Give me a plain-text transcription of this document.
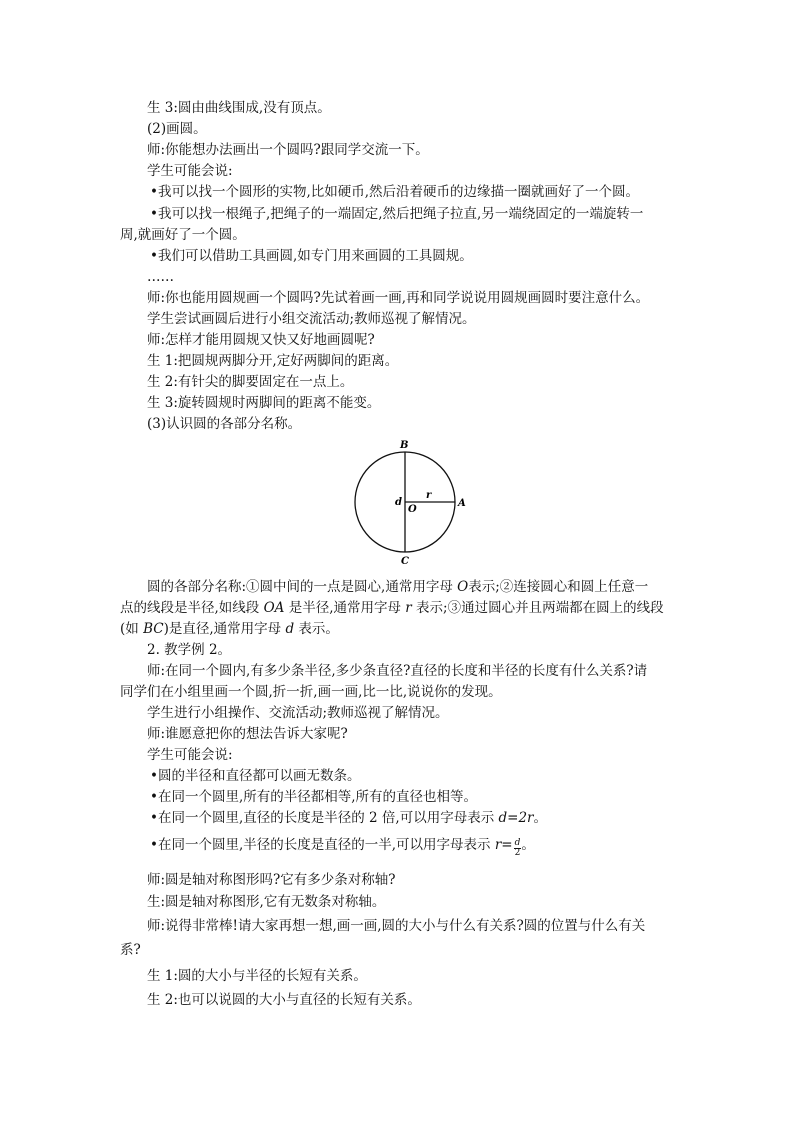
生 3:圆由曲线围成,没有顶点。
(2)画圆。
师:你能想办法画出一个圆吗?跟同学交流一下。
学生可能会说:
•我可以找一个圆形的实物,比如硬币,然后沿着硬币的边缘描一圈就画好了一个圆。
•我可以找一根绳子,把绳子的一端固定,然后把绳子拉直,另一端绕固定的一端旋转一
周,就画好了一个圆。
•我们可以借助工具画圆,如专门用来画圆的工具圆规。
……
师:你也能用圆规画一个圆吗?先试着画一画,再和同学说说用圆规画圆时要注意什么。
学生尝试画圆后进行小组交流活动;教师巡视了解情况。
师:怎样才能用圆规又快又好地画圆呢?
生 1:把圆规两脚分开,定好两脚间的距离。
生 2:有针尖的脚要固定在一点上。
生 3:旋转圆规时两脚间的距离不能变。
(3)认识圆的各部分名称。
B
C
A
O
r
d
圆的各部分名称:①圆中间的一点是圆心,通常用字母 O表示;②连接圆心和圆上任意一
点的线段是半径,如线段 OA 是半径,通常用字母 r 表示;③通过圆心并且两端都在圆上的线段
(如 BC)是直径,通常用字母 d 表示。
2. 教学例 2。
师:在同一个圆内,有多少条半径,多少条直径?直径的长度和半径的长度有什么关系?请
同学们在小组里画一个圆,折一折,画一画,比一比,说说你的发现。
学生进行小组操作、交流活动;教师巡视了解情况。
师:谁愿意把你的想法告诉大家呢?
学生可能会说:
•圆的半径和直径都可以画无数条。
•在同一个圆里,所有的半径都相等,所有的直径也相等。
•在同一个圆里,直径的长度是半径的 2 倍,可以用字母表示 d=2r。
•在同一个圆里,半径的长度是直径的一半,可以用字母表示 $r= \frac{d}{2}$ 。
师:圆是轴对称图形吗?它有多少条对称轴?
生:圆是轴对称图形,它有无数条对称轴。
师:说得非常棒!请大家再想一想,画一画,圆的大小与什么有关系?圆的位置与什么有关
系?
生 1:圆的大小与半径的长短有关系。
生 2:也可以说圆的大小与直径的长短有关系。
